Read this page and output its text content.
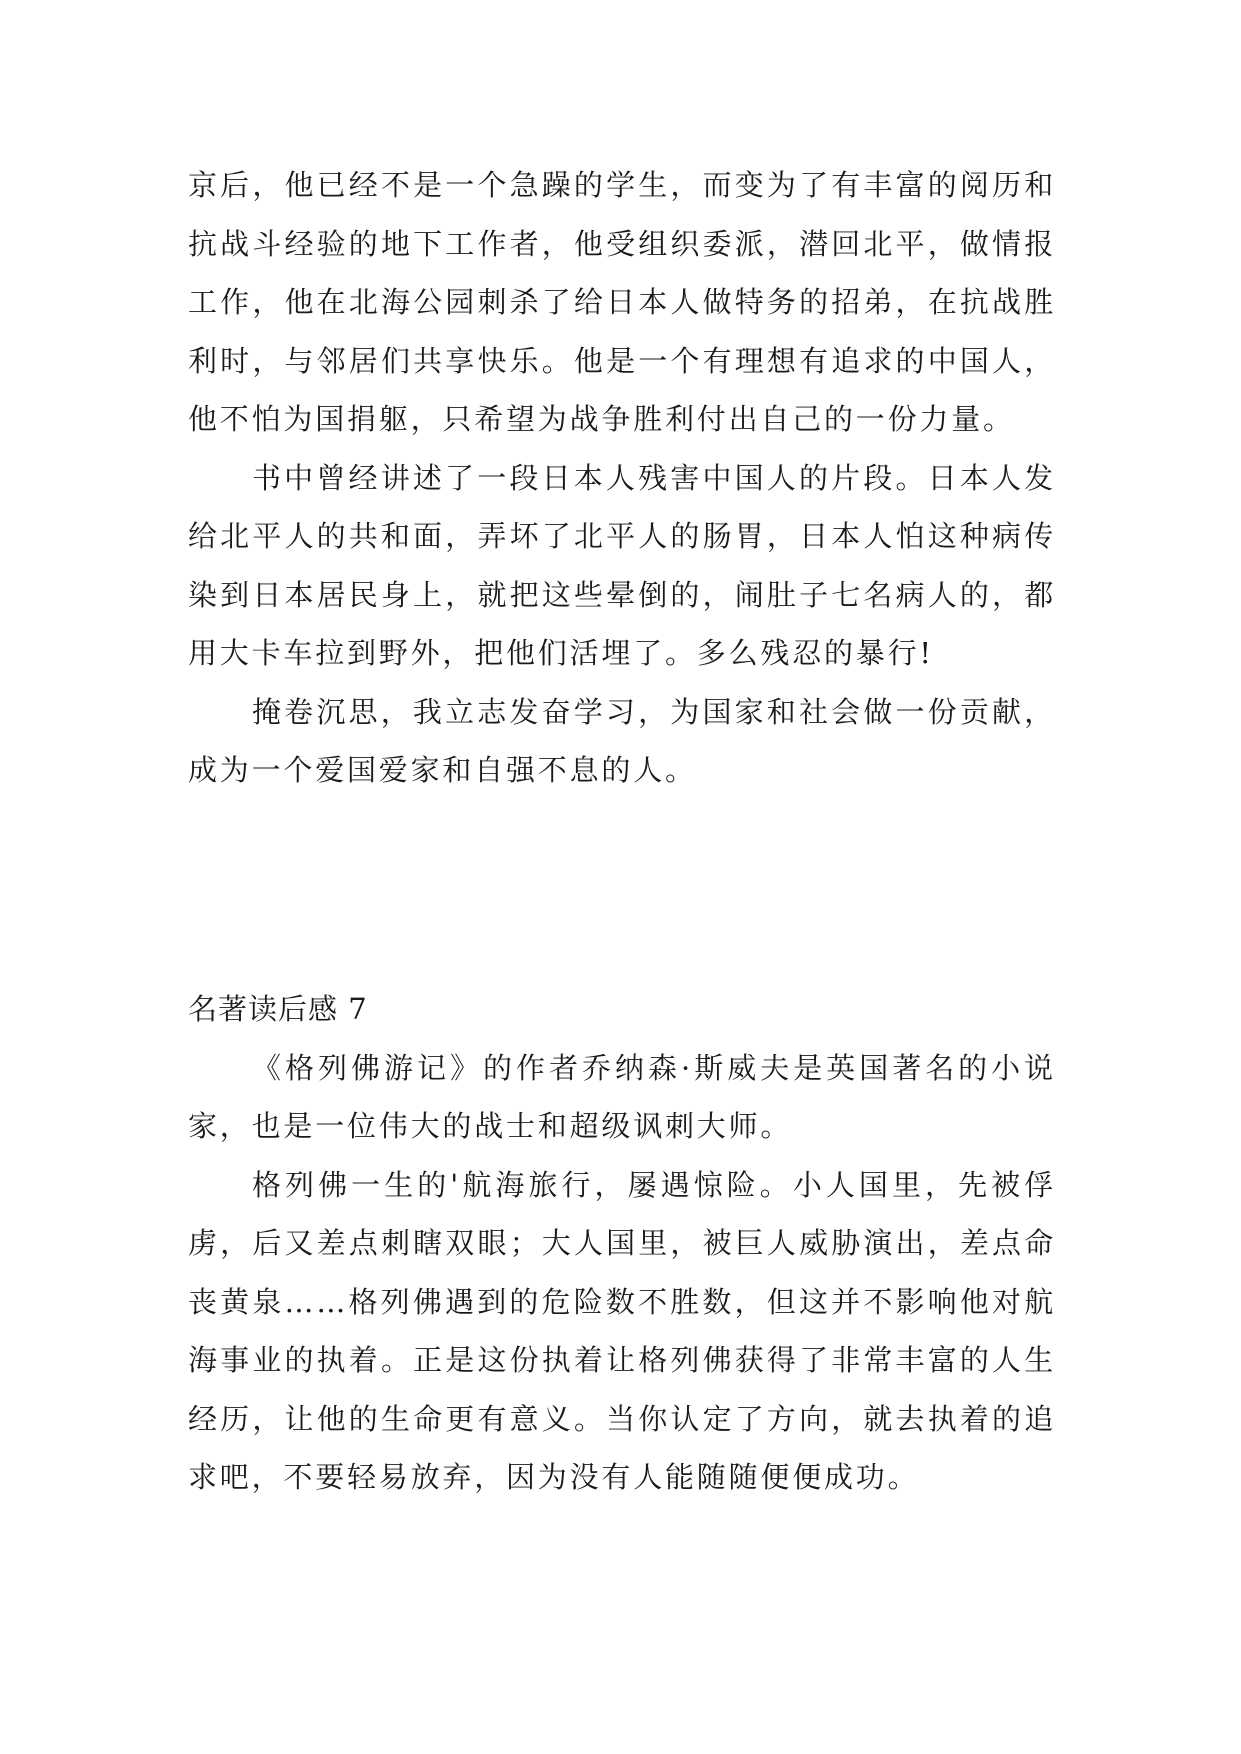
京后，他已经不是一个急躁的学生，而变为了有丰富的阅历和抗战斗经验的地下工作者，他受组织委派，潜回北平，做情报工作，他在北海公园刺杀了给日本人做特务的招弟，在抗战胜利时，与邻居们共享快乐。他是一个有理想有追求的中国人，他不怕为国捐躯，只希望为战争胜利付出自己的一份力量。

书中曾经讲述了一段日本人残害中国人的片段。日本人发给北平人的共和面，弄坏了北平人的肠胃，日本人怕这种病传染到日本居民身上，就把这些晕倒的，闹肚子七名病人的，都用大卡车拉到野外，把他们活埋了。多么残忍的暴行!

掩卷沉思，我立志发奋学习，为国家和社会做一份贡献，成为一个爱国爱家和自强不息的人。

名著读后感 7

《格列佛游记》的作者乔纳森·斯威夫是英国著名的小说家，也是一位伟大的战士和超级讽刺大师。

格列佛一生的'航海旅行，屡遇惊险。小人国里，先被俘虏，后又差点刺瞎双眼；大人国里，被巨人威胁演出，差点命丧黄泉……格列佛遇到的危险数不胜数，但这并不影响他对航海事业的执着。正是这份执着让格列佛获得了非常丰富的人生经历，让他的生命更有意义。当你认定了方向，就去执着的追求吧，不要轻易放弃，因为没有人能随随便便成功。
